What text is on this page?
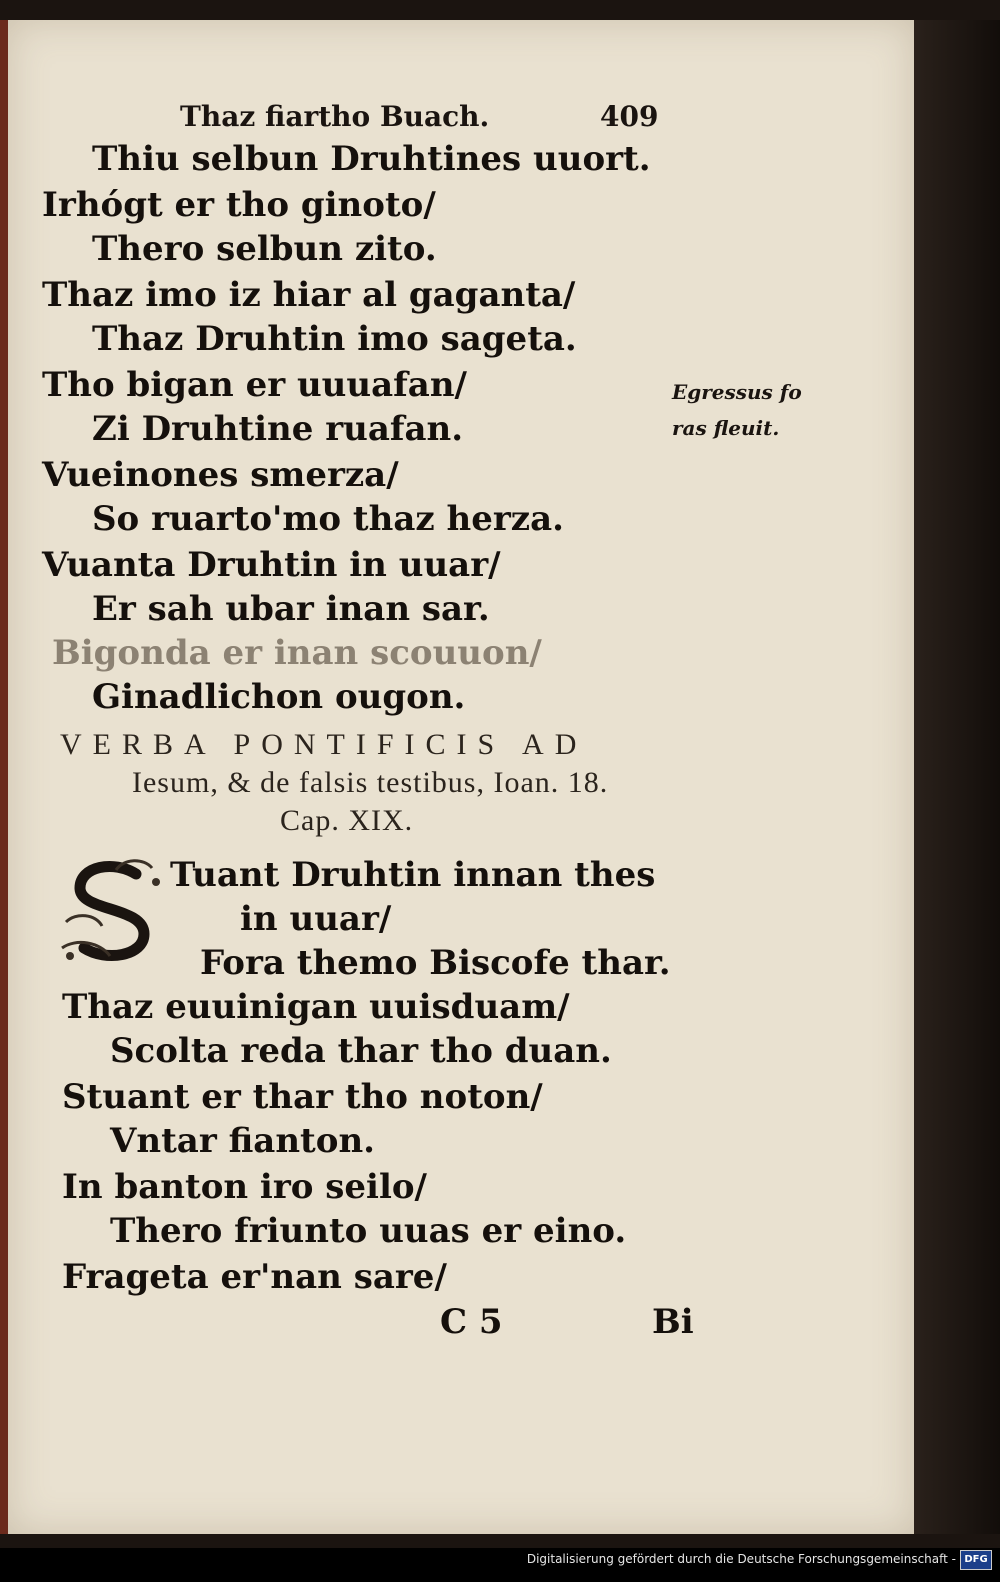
Thaz fiartho Buach.	409
Thiu selbun Druhtines uuort.
Irhógt er tho ginoto/
Thero selbun zito.
Thaz imo iz hiar al gaganta/
Thaz Druhtin imo sageta.
Tho bigan er uuuafan/
Zi Druhtine ruafan.
Vueinones smerza/
So ruarto'mo thaz herza.
Vuanta Druhtin in uuar/
Er sah ubar inan sar.
Bigonda er inan scouuon/
Ginadlichon ougon.
Egressus fo
ras fleuit.
VERBA PONTIFICIS AD
Iesum, & de falsis testibus, Ioan. 18.
Cap. XIX.
Tuant Druhtin innan thes
in uuar/
Fora themo Biscofe thar.
Thaz euuinigan uuisduam/
Scolta reda thar tho duan.
Stuant er thar tho noton/
Vntar fianton.
In banton iro seilo/
Thero friunto uuas er eino.
Frageta er'nan sare/
C 5	Bi
Digitalisierung gefördert durch die Deutsche Forschungsgemeinschaft - DFG
